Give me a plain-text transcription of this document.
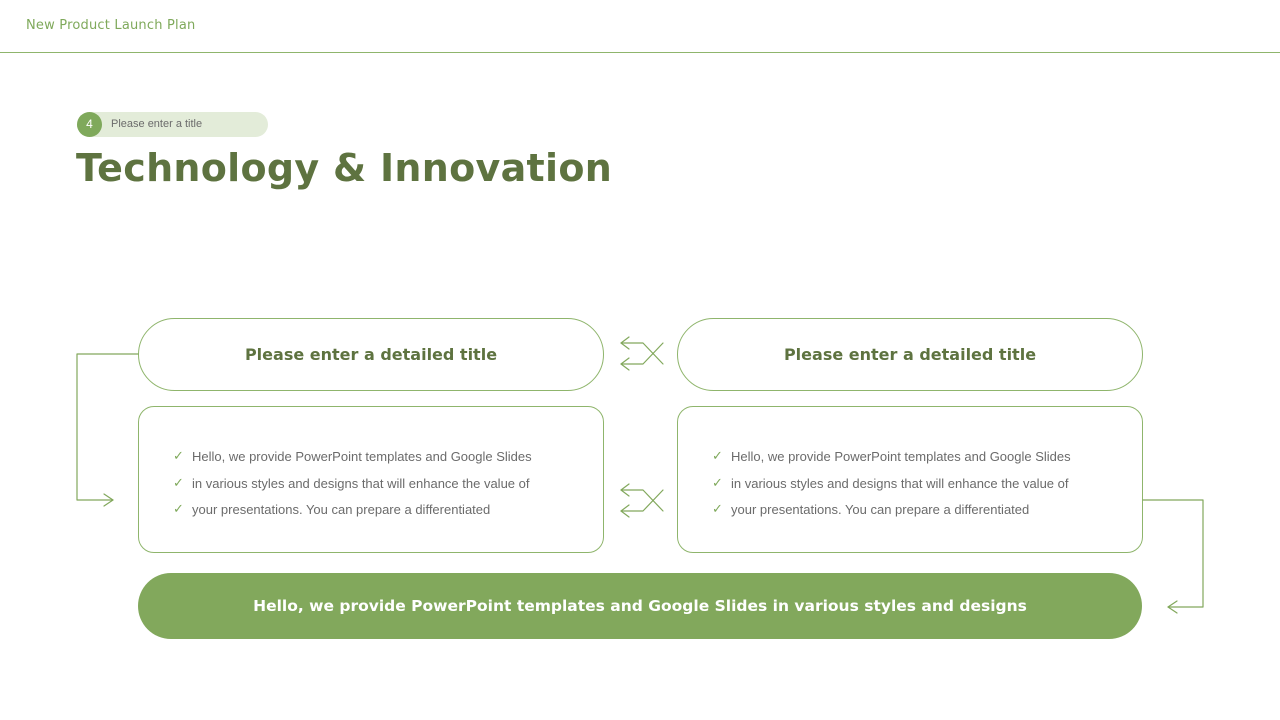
New Product Launch Plan
4	Please enter a title
Technology & Innovation
Please enter a detailed title
✓ Hello, we provide PowerPoint templates and Google Slides
✓ in various styles and designs that will enhance the value of
✓ your presentations. You can prepare a differentiated
Please enter a detailed title
✓ Hello, we provide PowerPoint templates and Google Slides
✓ in various styles and designs that will enhance the value of
✓ your presentations. You can prepare a differentiated
Hello, we provide PowerPoint templates and Google Slides in various styles and designs
